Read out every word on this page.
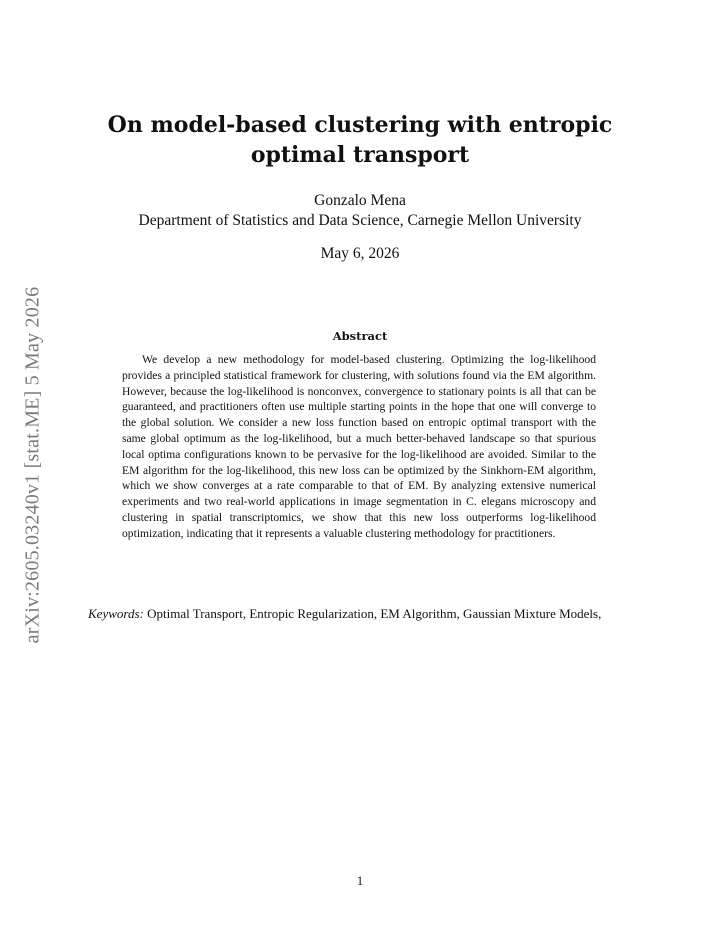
arXiv:2605.03240v1 [stat.ME] 5 May 2026
On model-based clustering with entropic optimal transport
Gonzalo Mena
Department of Statistics and Data Science, Carnegie Mellon University
May 6, 2026
Abstract

We develop a new methodology for model-based clustering. Optimizing the log-likelihood provides a principled statistical framework for clustering, with solutions found via the EM algorithm. However, because the log-likelihood is nonconvex, convergence to stationary points is all that can be guaranteed, and practitioners often use multiple starting points in the hope that one will converge to the global solution. We consider a new loss function based on entropic optimal transport with the same global optimum as the log-likelihood, but a much better-behaved landscape so that spurious local optima configurations known to be pervasive for the log-likelihood are avoided. Similar to the EM algorithm for the log-likelihood, this new loss can be optimized by the Sinkhorn-EM algorithm, which we show converges at a rate comparable to that of EM. By analyzing extensive numerical experiments and two real-world applications in image segmentation in C. elegans microscopy and clustering in spatial transcriptomics, we show that this new loss outperforms log-likelihood optimization, indicating that it represents a valuable clustering methodology for practitioners.

Keywords: Optimal Transport, Entropic Regularization, EM Algorithm, Gaussian Mixture Models,
1
